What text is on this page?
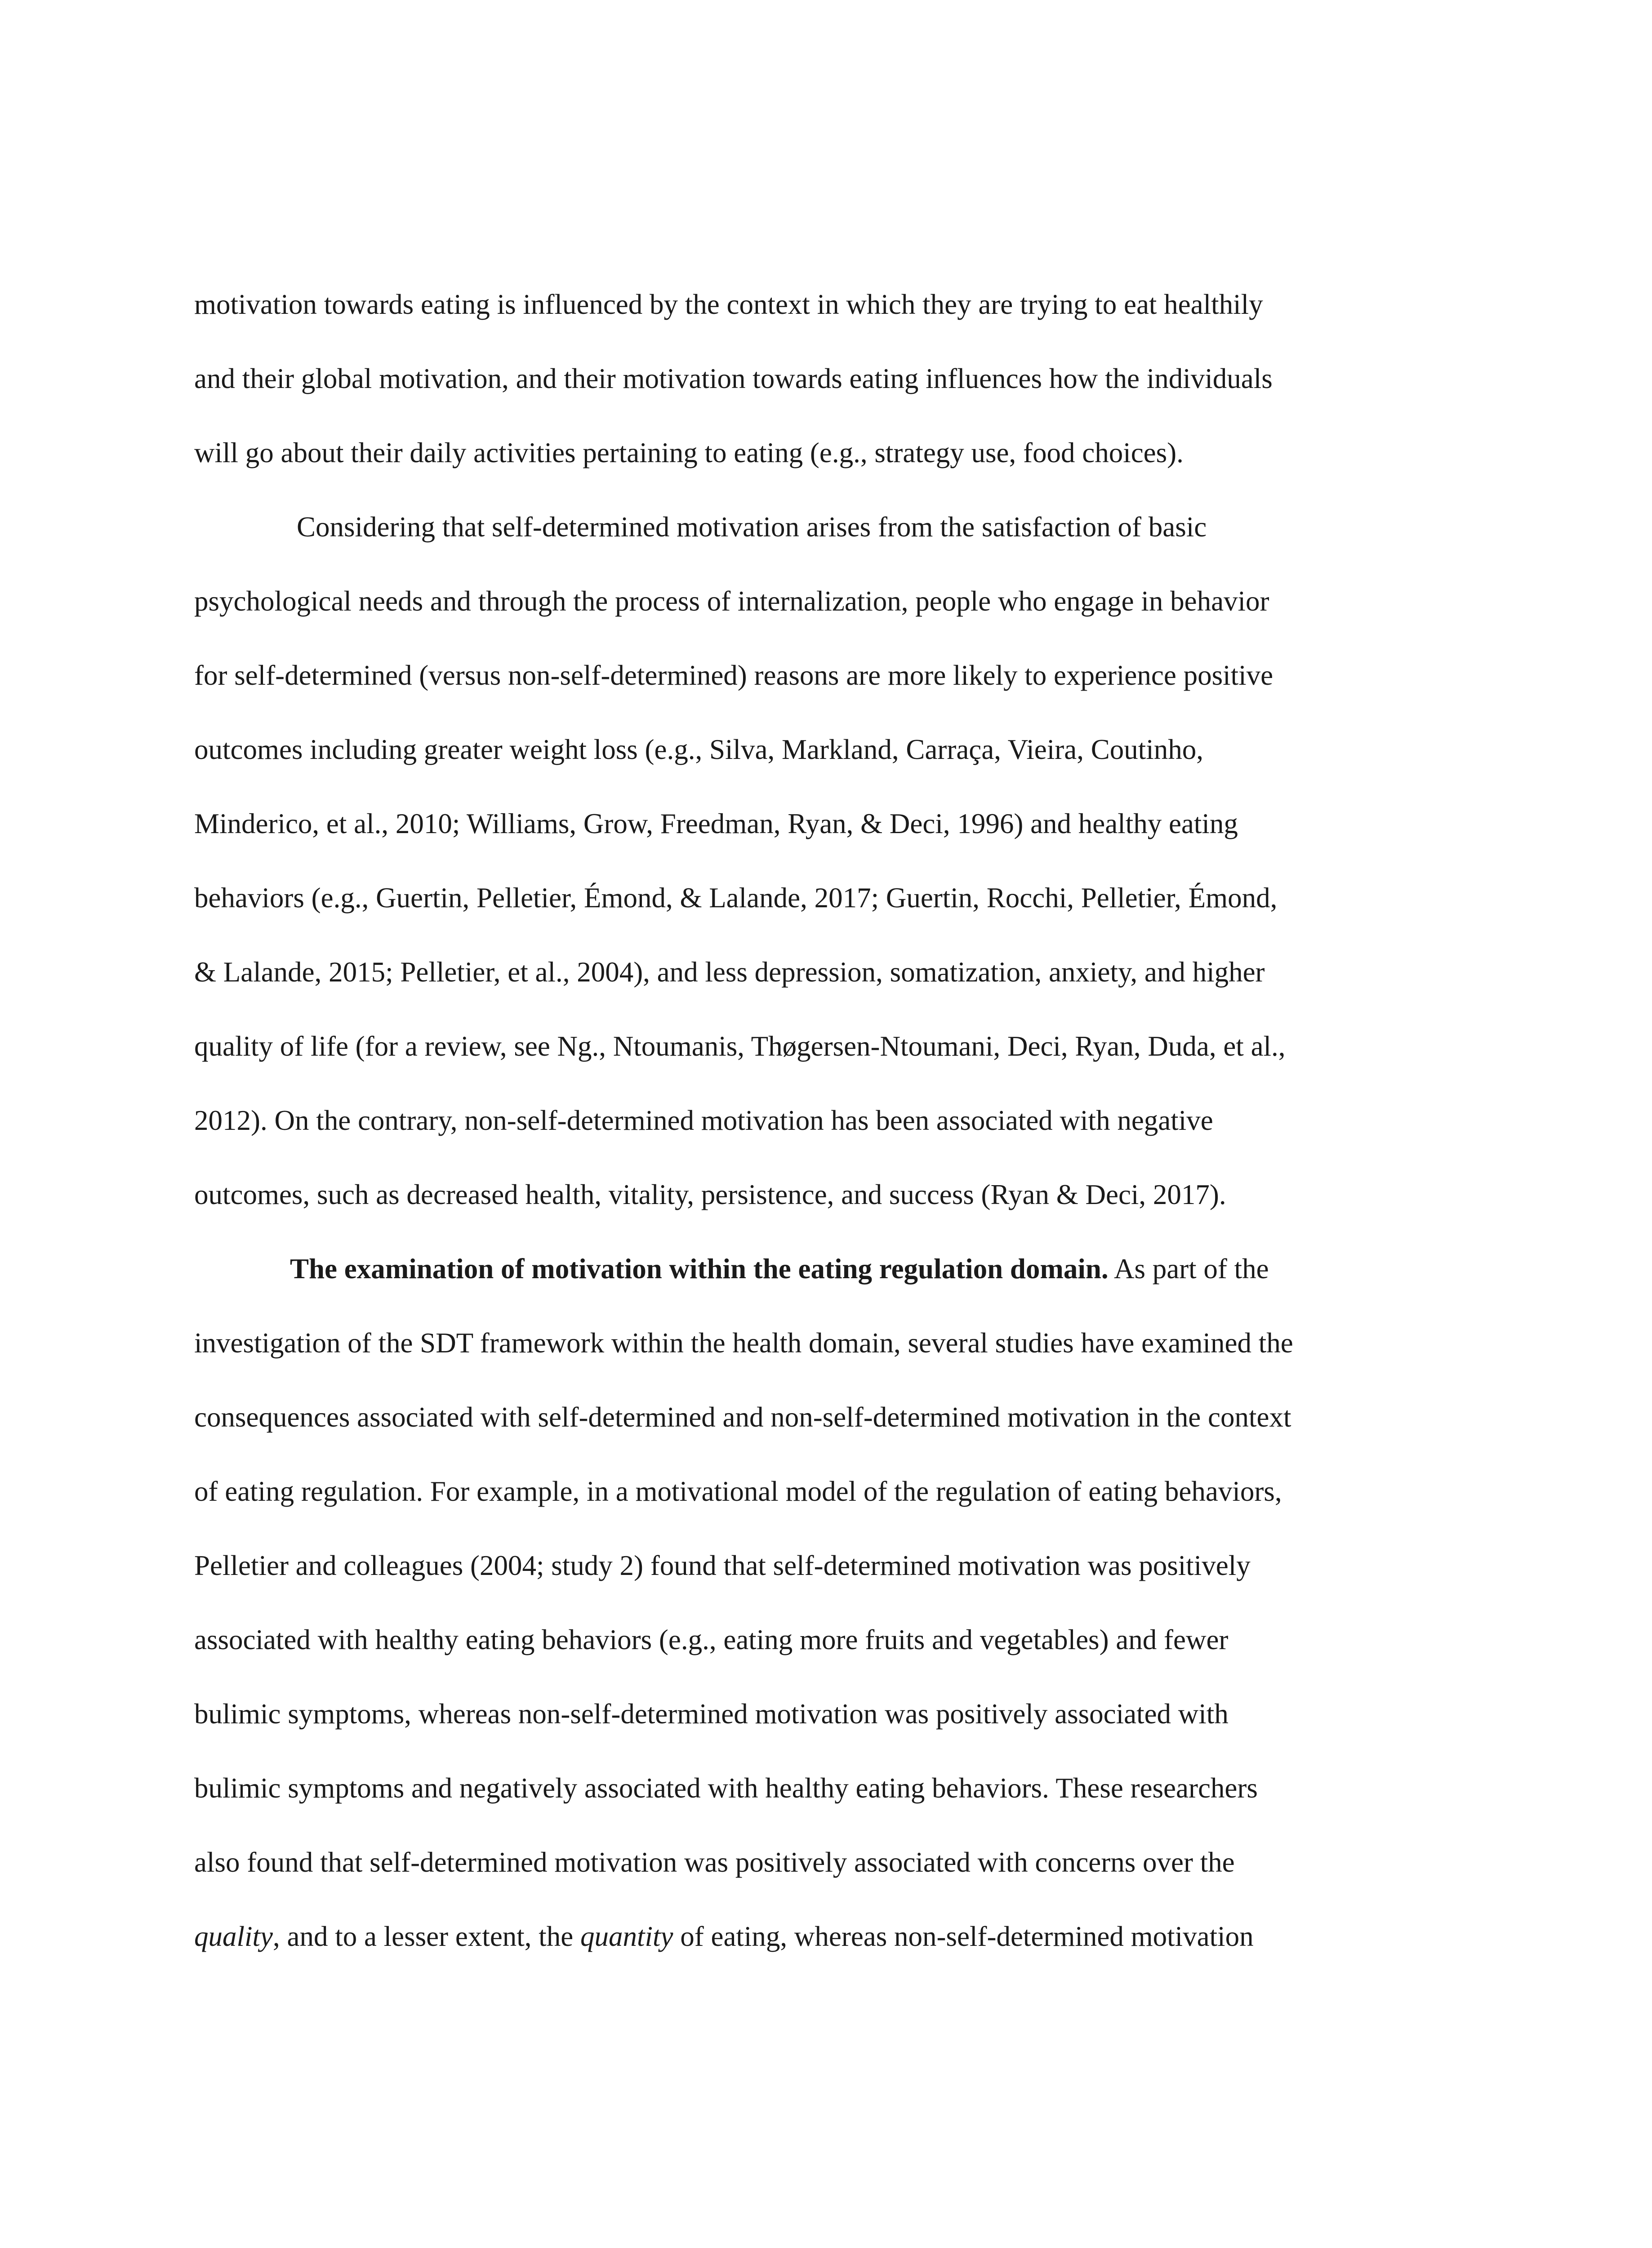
motivation towards eating is influenced by the context in which they are trying to eat healthily
and their global motivation, and their motivation towards eating influences how the individuals
will go about their daily activities pertaining to eating (e.g., strategy use, food choices).
Considering that self-determined motivation arises from the satisfaction of basic
psychological needs and through the process of internalization, people who engage in behavior
for self-determined (versus non-self-determined) reasons are more likely to experience positive
outcomes including greater weight loss (e.g., Silva, Markland, Carraça, Vieira, Coutinho,
Minderico, et al., 2010; Williams, Grow, Freedman, Ryan, & Deci, 1996) and healthy eating
behaviors (e.g., Guertin, Pelletier, Émond, & Lalande, 2017; Guertin, Rocchi, Pelletier, Émond,
& Lalande, 2015; Pelletier, et al., 2004), and less depression, somatization, anxiety, and higher
quality of life (for a review, see Ng., Ntoumanis, Thøgersen-Ntoumani, Deci, Ryan, Duda, et al.,
2012). On the contrary, non-self-determined motivation has been associated with negative
outcomes, such as decreased health, vitality, persistence, and success (Ryan & Deci, 2017).
The examination of motivation within the eating regulation domain. As part of the
investigation of the SDT framework within the health domain, several studies have examined the
consequences associated with self-determined and non-self-determined motivation in the context
of eating regulation. For example, in a motivational model of the regulation of eating behaviors,
Pelletier and colleagues (2004; study 2) found that self-determined motivation was positively
associated with healthy eating behaviors (e.g., eating more fruits and vegetables) and fewer
bulimic symptoms, whereas non-self-determined motivation was positively associated with
bulimic symptoms and negatively associated with healthy eating behaviors. These researchers
also found that self-determined motivation was positively associated with concerns over the
quality, and to a lesser extent, the quantity of eating, whereas non-self-determined motivation
